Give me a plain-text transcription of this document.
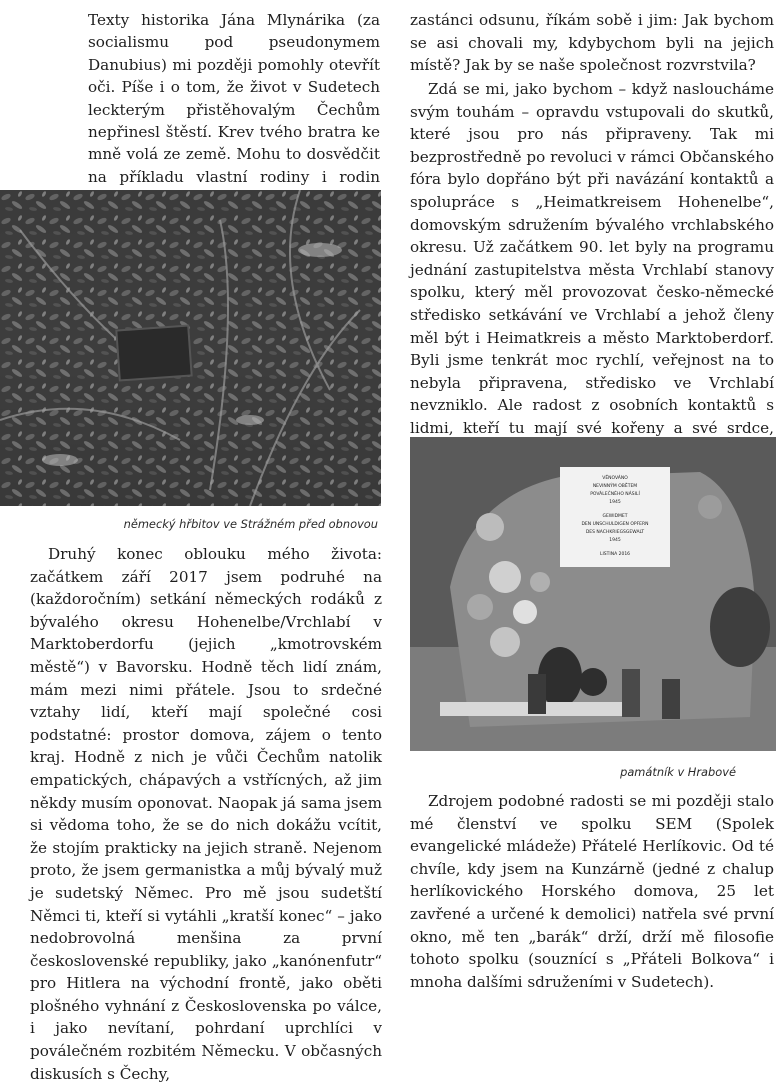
Texty historika Jána Mlynárika (za socialismu pod pseudonymem Danubius) mi později pomohly otevřít oči. Píše i o tom, že život v Sudetech leckterým přistěhovalým Čechům nepřinesl štěstí. Krev tvého bratra ke mně volá ze země. Mohu to dosvědčit na příkladu vlastní rodiny i rodin

německý hřbitov ve Strážném před obnovou

Druhý konec oblouku mého života: začátkem září 2017 jsem podruhé na (každoročním) setkání německých rodáků z bývalého okresu Hohenelbe/Vrchlabí v Marktoberdorfu (jejich „kmotrovském městě“) v Bavorsku. Hodně těch lidí znám, mám mezi nimi přátele. Jsou to srdečné vztahy lidí, kteří mají společné cosi podstatné: prostor domova, zájem o tento kraj. Hodně z nich je vůči Čechům natolik empatických, chápavých a vstřícných, až jim někdy musím oponovat. Naopak já sama jsem si vědoma toho, že se do nich dokážu vcítit, že stojím prakticky na jejich straně. Nejenom proto, že jsem germanistka a můj bývalý muž je sudetský Němec. Pro mě jsou sudetští Němci ti, kteří si vytáhli „kratší konec“ – jako nedobrovolná menšina za první československé republiky, jako „kanónenfutr“ pro Hitlera na východní frontě, jako oběti plošného vyhnání z Československa po válce, i jako nevítaní, pohrdaní uprchlíci v poválečném rozbitém Německu. V občasných diskusích s Čechy,

zastánci odsunu, říkám sobě i jim: Jak bychom se asi chovali my, kdybychom byli na jejich místě? Jak by se naše společnost rozvrstvila?

Zdá se mi, jako bychom – když nasloucháme svým touhám – opravdu vstupovali do skutků, které jsou pro nás připraveny. Tak mi bezprostředně po revoluci v rámci Občanského fóra bylo dopřáno být při navázání kontaktů a spolupráce s „Heimatkreisem Hohenelbe“, domovským sdružením bývalého vrchlabského okresu. Už začátkem 90. let byly na programu jednání zastupitelstva města Vrchlabí stanovy spolku, který měl provozovat česko-německé středisko setkávání ve Vrchlabí a jehož členy měl být i Heimatkreis a město Marktoberdorf. Byli jsme tenkrát moc rychlí, veřejnost na to nebyla připravena, středisko ve Vrchlabí nevzniklo. Ale radost z osobních kontaktů s lidmi, kteří tu mají své kořeny a své srdce,

VĚNOVÁNO
NEVINNÝM OBĚTEM
POVÁLEČNÉHO NÁSILÍ
1945
GEWIDMET
DEN UNSCHULDIGEN OPFERN
DES NACHKRIEGSGEWALT
1945
LISTINA 2016
památník v Hrabové

Zdrojem podobné radosti se mi později stalo mé členství ve spolku SEM (Spolek evangelické mládeže) Přátelé Herlíkovic. Od té chvíle, kdy jsem na Kunzárně (jedné z chalup herlíkovického Horského domova, 25 let zavřené a určené k demolici) natřela své první okno, mě ten „barák“ drží, drží mě filosofie tohoto spolku (souznící s „Přáteli Bolkova“ i mnoha dalšími sdruženími v Sudetech).
